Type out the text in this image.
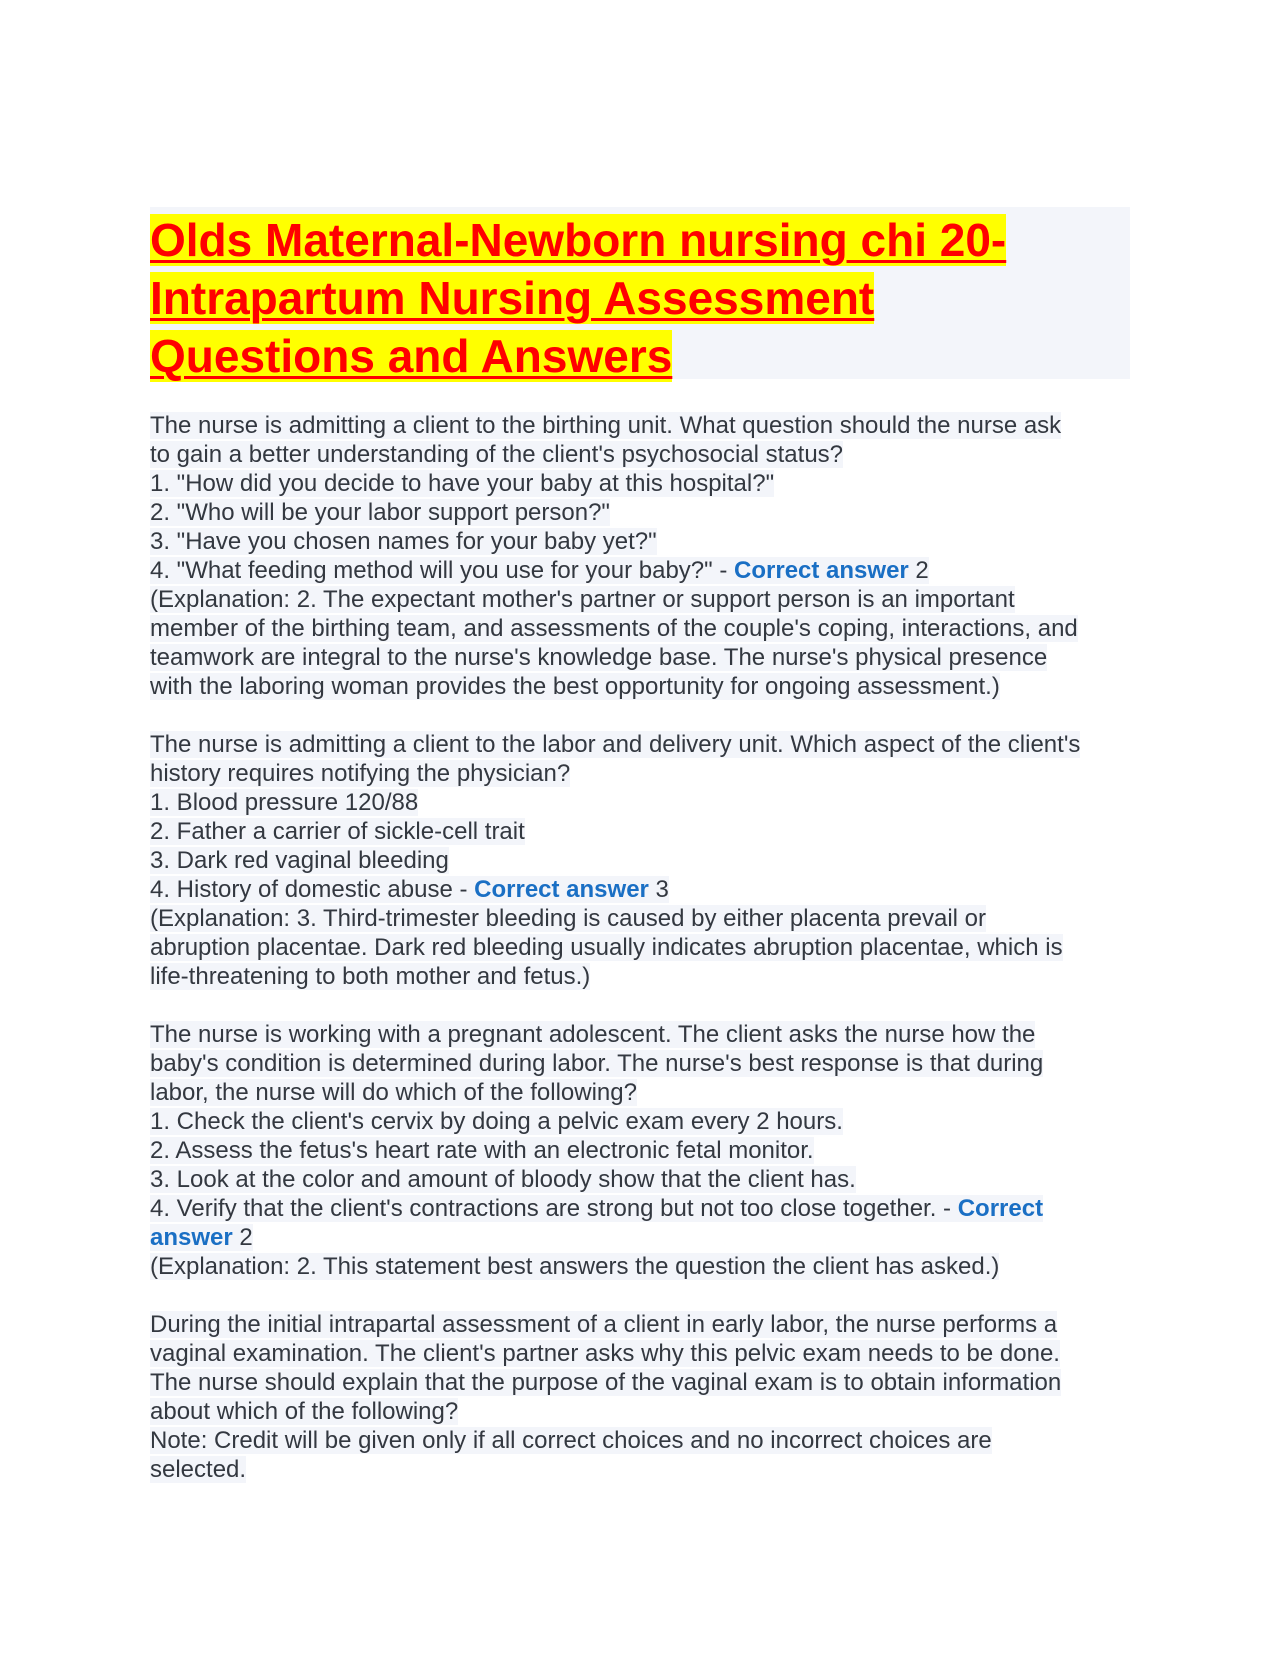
Olds Maternal-Newborn nursing chi 20-
Intrapartum Nursing Assessment
Questions and Answers
The nurse is admitting a client to the birthing unit. What question should the nurse ask
to gain a better understanding of the client's psychosocial status?
1. "How did you decide to have your baby at this hospital?"
2. "Who will be your labor support person?"
3. "Have you chosen names for your baby yet?"
4. "What feeding method will you use for your baby?" - Correct answer 2
(Explanation: 2. The expectant mother's partner or support person is an important
member of the birthing team, and assessments of the couple's coping, interactions, and
teamwork are integral to the nurse's knowledge base. The nurse's physical presence
with the laboring woman provides the best opportunity for ongoing assessment.)
The nurse is admitting a client to the labor and delivery unit. Which aspect of the client's
history requires notifying the physician?
1. Blood pressure 120/88
2. Father a carrier of sickle-cell trait
3. Dark red vaginal bleeding
4. History of domestic abuse - Correct answer 3
(Explanation: 3. Third-trimester bleeding is caused by either placenta prevail or
abruption placentae. Dark red bleeding usually indicates abruption placentae, which is
life-threatening to both mother and fetus.)
The nurse is working with a pregnant adolescent. The client asks the nurse how the
baby's condition is determined during labor. The nurse's best response is that during
labor, the nurse will do which of the following?
1. Check the client's cervix by doing a pelvic exam every 2 hours.
2. Assess the fetus's heart rate with an electronic fetal monitor.
3. Look at the color and amount of bloody show that the client has.
4. Verify that the client's contractions are strong but not too close together. - Correct
answer 2
(Explanation: 2. This statement best answers the question the client has asked.)
During the initial intrapartal assessment of a client in early labor, the nurse performs a
vaginal examination. The client's partner asks why this pelvic exam needs to be done.
The nurse should explain that the purpose of the vaginal exam is to obtain information
about which of the following?
Note: Credit will be given only if all correct choices and no incorrect choices are
selected.
